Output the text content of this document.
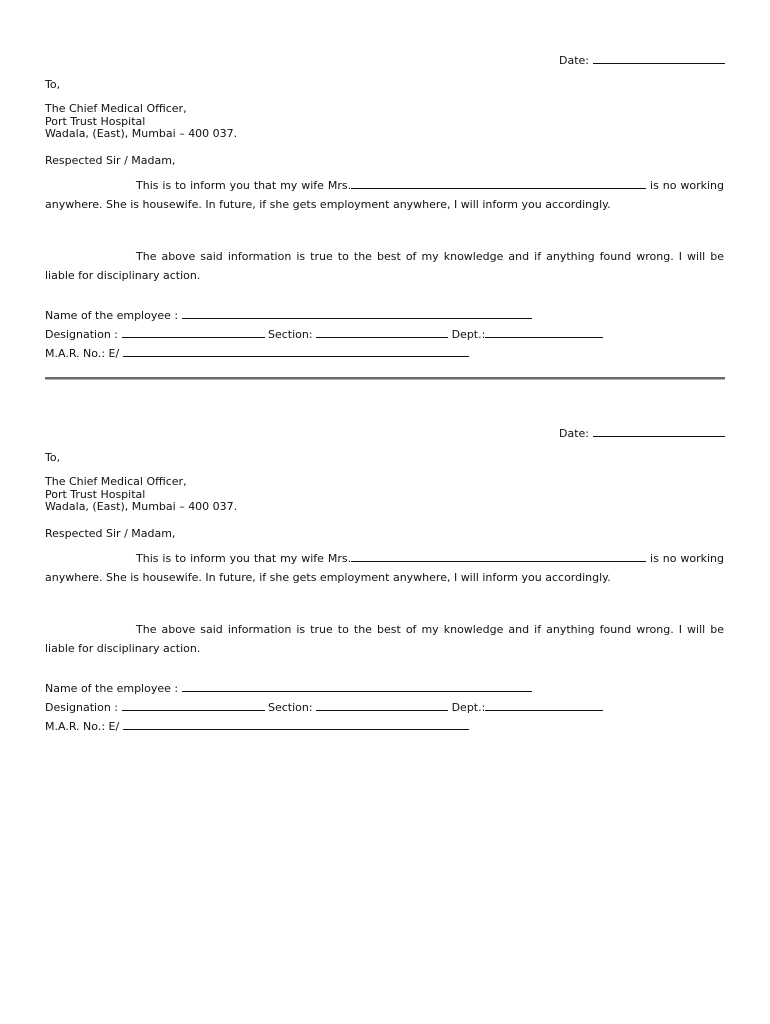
Date:
To,
The Chief Medical Officer,
Port Trust Hospital
Wadala, (East), Mumbai – 400 037.
Respected Sir / Madam,
This is to inform you that my wife Mrs.	is no working anywhere. She is housewife. In future, if she gets employment anywhere, I will inform you accordingly.
The above said information is true to the best of my knowledge and if anything found wrong. I will be liable for disciplinary action.
Name of the employee :
Designation :	Section:	Dept.:
M.A.R. No.: E/
Date:
To,
The Chief Medical Officer,
Port Trust Hospital
Wadala, (East), Mumbai – 400 037.
Respected Sir / Madam,
This is to inform you that my wife Mrs.	is no working anywhere. She is housewife. In future, if she gets employment anywhere, I will inform you accordingly.
The above said information is true to the best of my knowledge and if anything found wrong. I will be liable for disciplinary action.
Name of the employee :
Designation :	Section:	Dept.:
M.A.R. No.: E/
